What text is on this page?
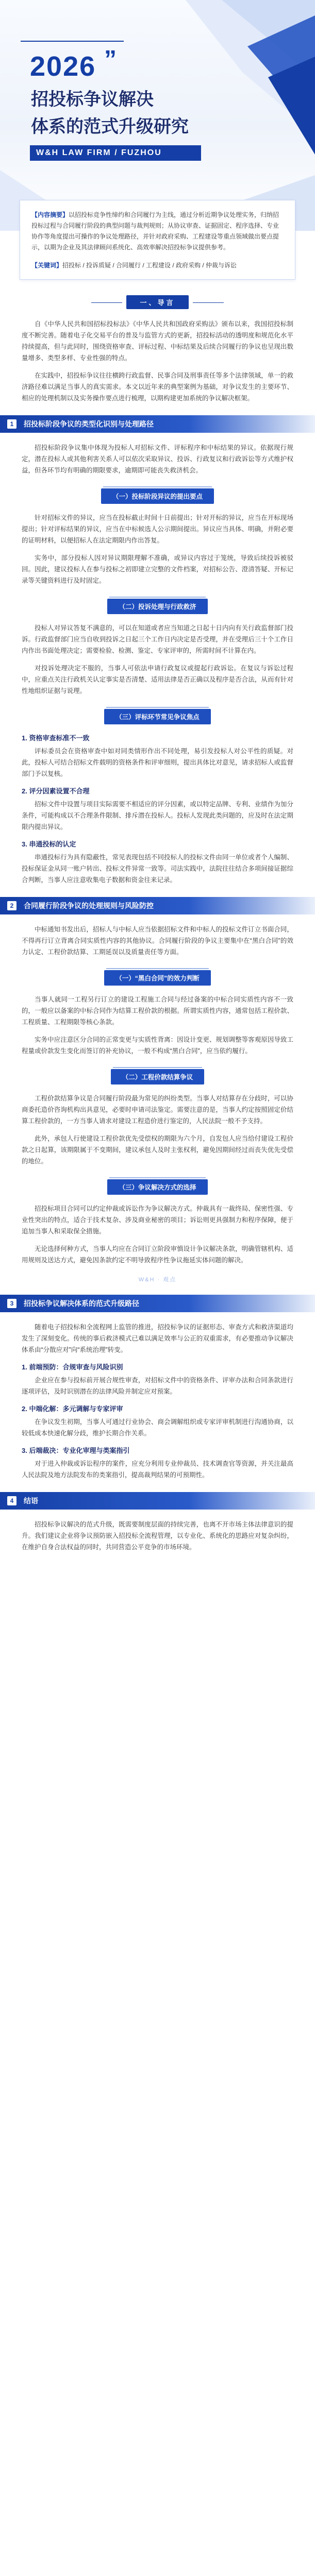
2026 ”
招投标争议解决
体系的范式升级研究
W&H LAW FIRM / FUZHOU

【内容摘要】以招投标竞争性缔约和合同履行为主线，通过分析近期争议处理实务，归纳招投标过程与合同履行阶段的典型问题与裁判规则；从协议审查、证据固定、程序选择、专业协作等角度提出可操作的争议处理路径，并针对政府采购、工程建设等重点领域做出要点提示，以期为企业及其法律顾问系统化、高效率解决招投标争议提供参考。

【关键词】招投标 / 投诉质疑 / 合同履行 / 工程建设 / 政府采购 / 仲裁与诉讼

一、导言

自《中华人民共和国招标投标法》《中华人民共和国政府采购法》颁布以来，我国招投标制度不断完善。随着电子化交易平台的普及与监管方式的更新，招投标活动的透明度和规范化水平持续提高，但与此同时，围绕资格审查、评标过程、中标结果及后续合同履行的争议也呈现出数量增多、类型多样、专业性强的特点。

在实践中，招投标争议往往横跨行政监督、民事合同及刑事责任等多个法律领域，单一的救济路径难以满足当事人的真实需求。本文以近年来的典型案例为基础，对争议发生的主要环节、相应的处理机制以及实务操作要点进行梳理，以期构建更加系统的争议解决框架。

1	招投标阶段争议的类型化识别与处理路径

招投标阶段争议集中体现为投标人对招标文件、评标程序和中标结果的异议。依据现行规定，潜在投标人或其他利害关系人可以依次采取异议、投诉、行政复议和行政诉讼等方式维护权益，但各环节均有明确的期限要求，逾期即可能丧失救济机会。

（一）投标阶段异议的提出要点

针对招标文件的异议，应当在投标截止时间十日前提出；针对开标的异议，应当在开标现场提出；针对评标结果的异议，应当在中标候选人公示期间提出。异议应当具体、明确，并附必要的证明材料，以便招标人在法定期限内作出答复。

实务中，部分投标人因对异议期限理解不准确，或异议内容过于笼统，导致后续投诉被驳回。因此，建议投标人在参与投标之初即建立完整的文件档案，对招标公告、澄清答疑、开标记录等关键资料进行及时固定。

（二）投诉处理与行政救济

投标人对异议答复不满意的，可以在知道或者应当知道之日起十日内向有关行政监督部门投诉。行政监督部门应当自收到投诉之日起三个工作日内决定是否受理，并在受理后三十个工作日内作出书面处理决定；需要检验、检测、鉴定、专家评审的，所需时间不计算在内。

对投诉处理决定不服的，当事人可依法申请行政复议或提起行政诉讼。在复议与诉讼过程中，应重点关注行政机关认定事实是否清楚、适用法律是否正确以及程序是否合法，从而有针对性地组织证据与说理。

（三）评标环节常见争议焦点
1. 资格审查标准不一致

评标委员会在资格审查中如对同类情形作出不同处理，易引发投标人对公平性的质疑。对此，投标人可结合招标文件载明的资格条件和评审细则，提出具体比对意见，请求招标人或监督部门予以复核。

2. 评分因素设置不合理

招标文件中设置与项目实际需要不相适应的评分因素，或以特定品牌、专利、业绩作为加分条件，可能构成以不合理条件限制、排斥潜在投标人。投标人发现此类问题的，应及时在法定期限内提出异议。

3. 串通投标的认定

串通投标行为具有隐蔽性，常见表现包括不同投标人的投标文件由同一单位或者个人编制、投标保证金从同一账户转出、投标文件异常一致等。司法实践中，法院往往结合多项间接证据综合判断，当事人应注意收集电子数据和资金往来记录。

2	合同履行阶段争议的处理规则与风险防控

中标通知书发出后，招标人与中标人应当依据招标文件和中标人的投标文件订立书面合同，不得再行订立背离合同实质性内容的其他协议。合同履行阶段的争议主要集中在“黑白合同”的效力认定、工程价款结算、工期延误以及质量责任等方面。

（一）“黑白合同”的效力判断

当事人就同一工程另行订立的建设工程施工合同与经过备案的中标合同实质性内容不一致的，一般应以备案的中标合同作为结算工程价款的根据。所谓实质性内容，通常包括工程价款、工程质量、工程期限等核心条款。

实务中应注意区分合同的正常变更与实质性背离：因设计变更、规划调整等客观原因导致工程量或价款发生变化而签订的补充协议，一般不构成“黑白合同”，应当依约履行。

（二）工程价款结算争议

工程价款结算争议是合同履行阶段最为常见的纠纷类型。当事人对结算存在分歧时，可以协商委托造价咨询机构出具意见，必要时申请司法鉴定。需要注意的是，当事人约定按照固定价结算工程价款的，一方当事人请求对建设工程造价进行鉴定的，人民法院一般不予支持。

此外，承包人行使建设工程价款优先受偿权的期限为六个月，自发包人应当给付建设工程价款之日起算，该期限属于不变期间，建议承包人及时主张权利，避免因期间经过而丧失优先受偿的地位。

（三）争议解决方式的选择

招投标项目合同可以约定仲裁或诉讼作为争议解决方式。仲裁具有一裁终局、保密性强、专业性突出的特点，适合于技术复杂、涉及商业秘密的项目；诉讼则更具强制力和程序保障，便于追加当事人和采取保全措施。

无论选择何种方式，当事人均应在合同订立阶段审慎设计争议解决条款，明确管辖机构、适用规则及送达方式，避免因条款约定不明导致程序性争议拖延实体问题的解决。

W&H · 观点
3	招投标争议解决体系的范式升级路径

随着电子招投标和全流程网上监管的推进，招投标争议的证据形态、审查方式和救济渠道均发生了深刻变化。传统的事后救济模式已难以满足效率与公正的双重需求，有必要推动争议解决体系由“分散应对”向“系统治理”转变。

1. 前端预防：合规审查与风险识别

企业应在参与投标前开展合规性审查，对招标文件中的资格条件、评审办法和合同条款进行逐项评估，及时识别潜在的法律风险并制定应对预案。

2. 中端化解：多元调解与专家评审

在争议发生初期，当事人可通过行业协会、商会调解组织或专家评审机制进行沟通协商，以较低成本快速化解分歧，维护长期合作关系。

3. 后端裁决：专业化审理与类案指引

对于进入仲裁或诉讼程序的案件，应充分利用专业仲裁员、技术调查官等资源，并关注最高人民法院及地方法院发布的类案指引，提高裁判结果的可预期性。

4	结语

招投标争议解决的范式升级，既需要制度层面的持续完善，也离不开市场主体法律意识的提升。我们建议企业将争议预防嵌入招投标全流程管理，以专业化、系统化的思路应对复杂纠纷，在维护自身合法权益的同时，共同营造公平竞争的市场环境。
